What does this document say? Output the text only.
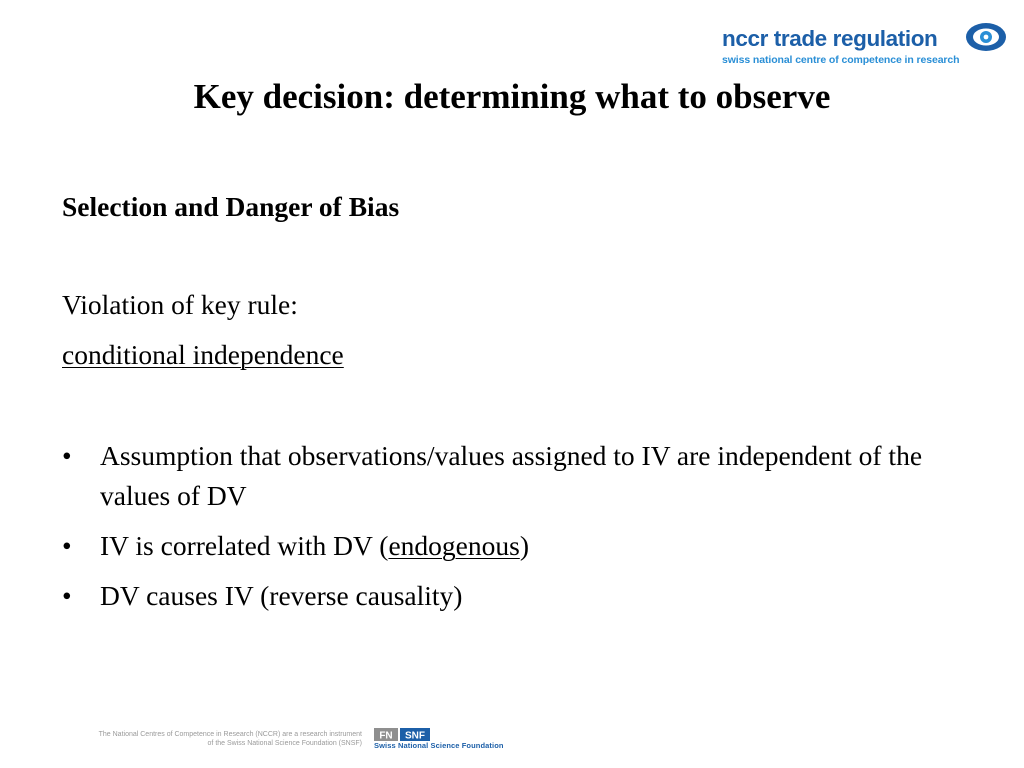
nccr trade regulation
swiss national centre of competence in research
Key decision: determining what to observe
Selection and Danger of Bias
Violation of key rule:
conditional independence
• Assumption that observations/values assigned to IV are independent of the values of DV
• IV is correlated with DV (endogenous)
• DV causes IV (reverse causality)
The National Centres of Competence in Research (NCCR) are a research instrument
of the Swiss National Science Foundation (SNSF)
FN SNF
Swiss National Science Foundation
